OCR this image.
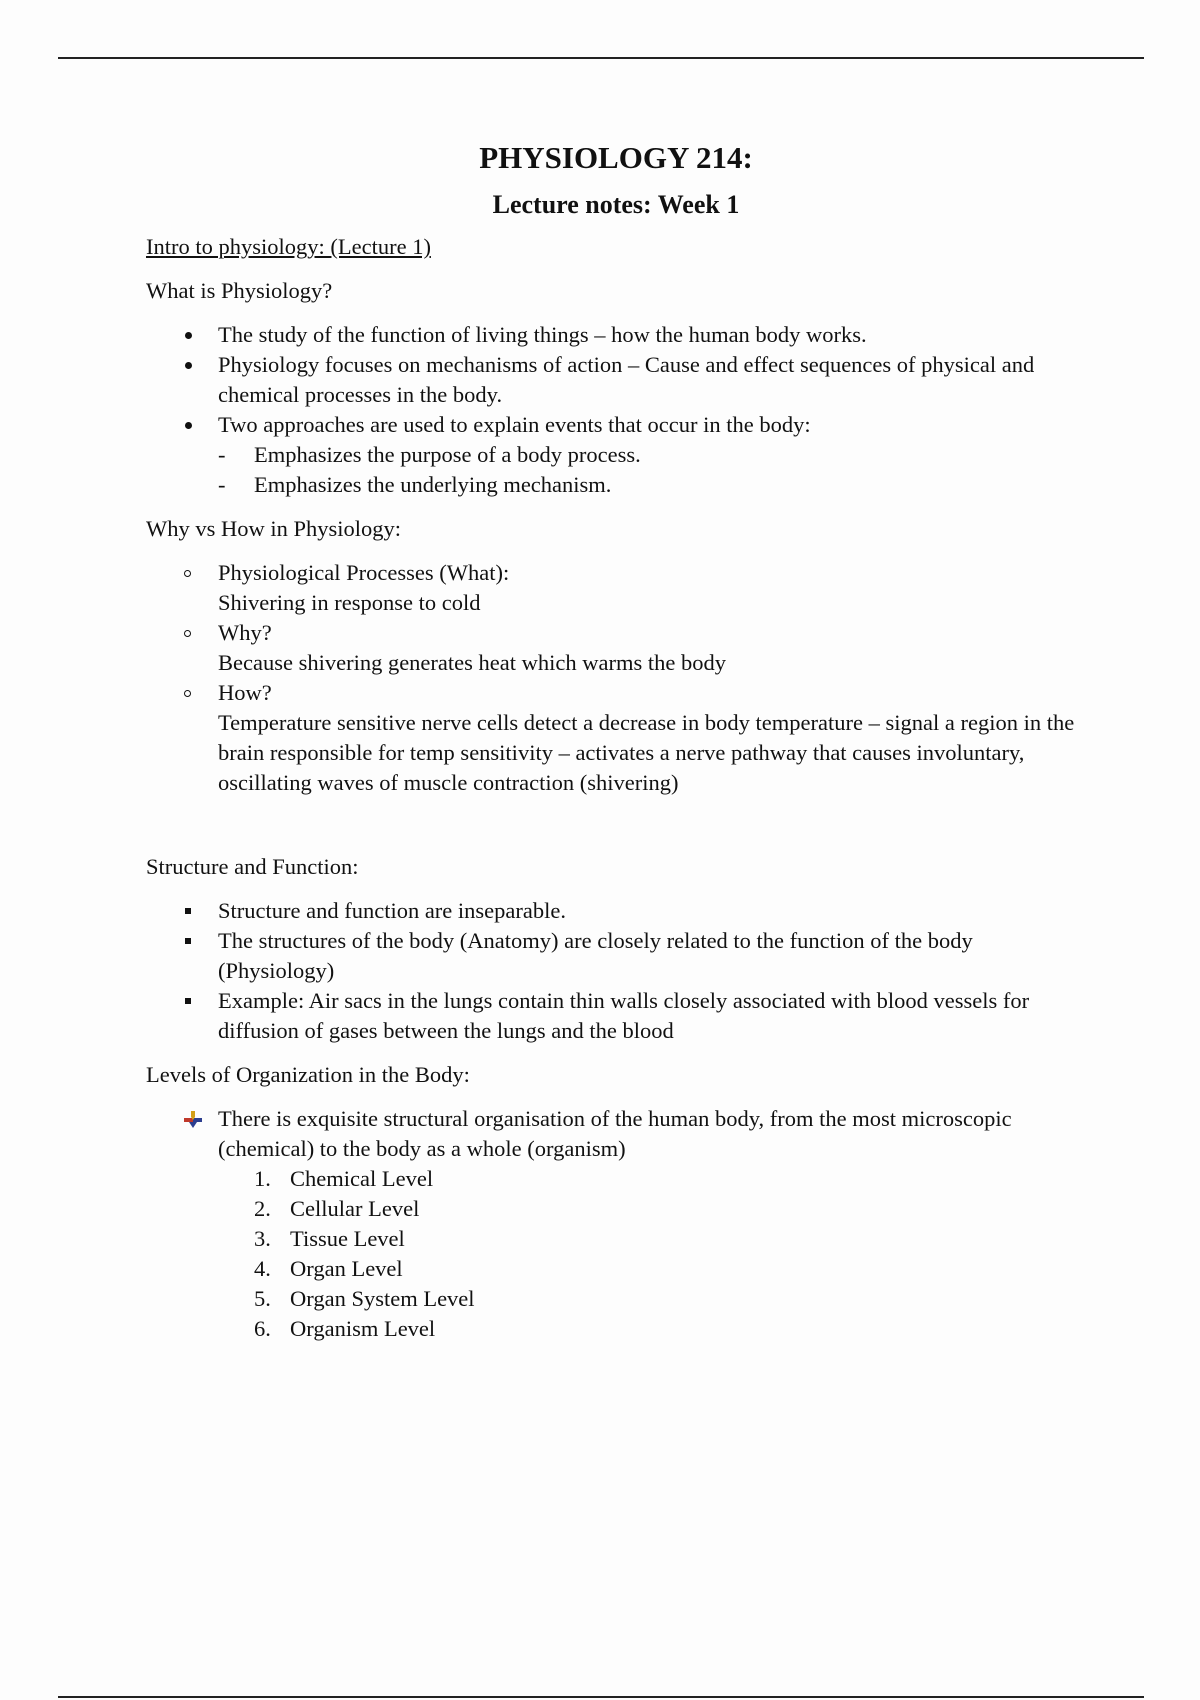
PHYSIOLOGY 214:
Lecture notes: Week 1
Intro to physiology: (Lecture 1)
What is Physiology?
The study of the function of living things – how the human body works.
Physiology focuses on mechanisms of action – Cause and effect sequences of physical and chemical processes in the body.
Two approaches are used to explain events that occur in the body:
- Emphasizes the purpose of a body process.
- Emphasizes the underlying mechanism.
Why vs How in Physiology:
Physiological Processes (What):
Shivering in response to cold
Why?
Because shivering generates heat which warms the body
How?
Temperature sensitive nerve cells detect a decrease in body temperature – signal a region in the brain responsible for temp sensitivity – activates a nerve pathway that causes involuntary, oscillating waves of muscle contraction (shivering)
Structure and Function:
Structure and function are inseparable.
The structures of the body (Anatomy) are closely related to the function of the body (Physiology)
Example: Air sacs in the lungs contain thin walls closely associated with blood vessels for diffusion of gases between the lungs and the blood
Levels of Organization in the Body:
There is exquisite structural organisation of the human body, from the most microscopic (chemical) to the body as a whole (organism)
1. Chemical Level
2. Cellular Level
3. Tissue Level
4. Organ Level
5. Organ System Level
6. Organism Level
